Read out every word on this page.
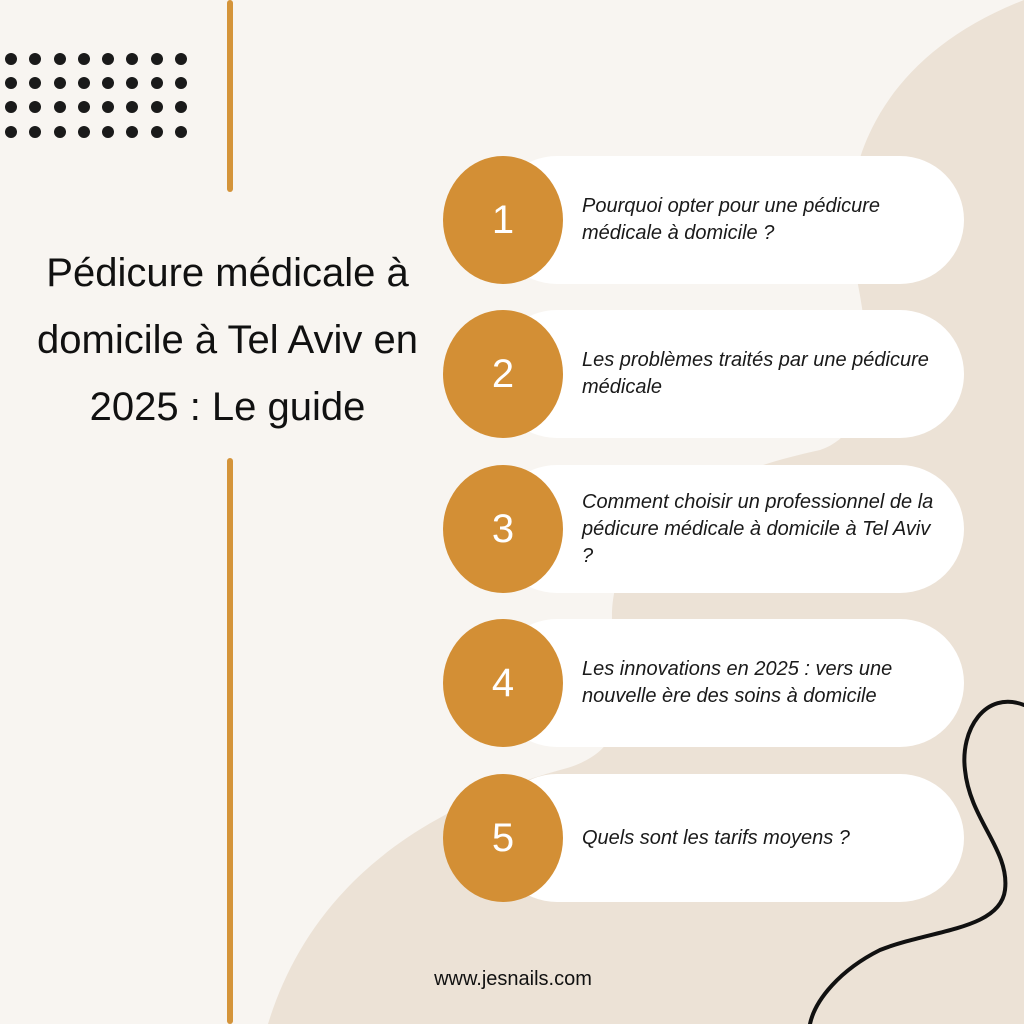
Pédicure médicale à domicile à Tel Aviv en 2025 : Le guide
1	Pourquoi opter pour une pédicure médicale à domicile ?
2	Les problèmes traités par une pédicure médicale
3
Comment choisir un professionnel de la pédicure médicale à domicile à Tel Aviv ?
4	Les innovations en 2025 : vers une nouvelle ère des soins à domicile
5	Quels sont les tarifs moyens ?
www.jesnails.com
